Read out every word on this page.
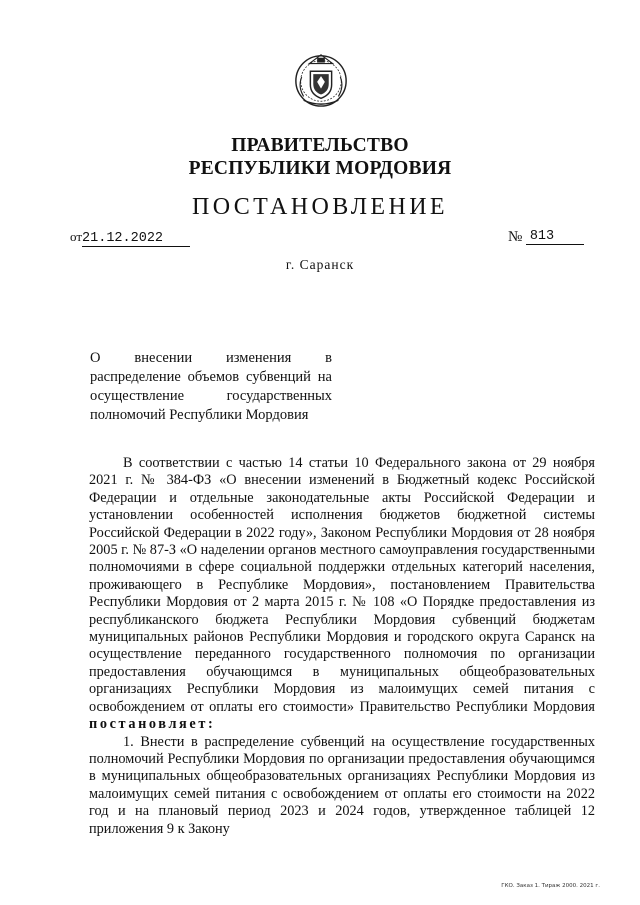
ПРАВИТЕЛЬСТВО
РЕСПУБЛИКИ МОРДОВИЯ
ПОСТАНОВЛЕНИЕ
от21.12.2022	№ 813
г. Саранск
О внесении изменения в распределение объемов субвенций на осуществление государственных полномочий Республики Мордовия

В соответствии с частью 14 статьи 10 Федерального закона от 29 ноября 2021 г. № 384-ФЗ «О внесении изменений в Бюджетный кодекс Российской Федерации и отдельные законодательные акты Российской Федерации и установлении особенностей исполнения бюджетов бюджетной системы Российской Федерации в 2022 году», Законом Республики Мордовия от 28 ноября 2005 г. № 87-З «О наделении органов местного самоуправления государственными полномочиями в сфере социальной поддержки отдельных категорий населения, проживающего в Республике Мордовия», постановлением Правительства Республики Мордовия от 2 марта 2015 г. № 108 «О Порядке предоставления из республиканского бюджета Республики Мордовия субвенций бюджетам муниципальных районов Республики Мордовия и городского округа Саранск на осуществление переданного государственного полномочия по организации предоставления обучающимся в муниципальных общеобразовательных организациях Республики Мордовия из малоимущих семей питания с освобождением от оплаты его стоимости» Правительство Республики Мордовия постановляет:

1. Внести в распределение субвенций на осуществление государственных полномочий Республики Мордовия по организации предоставления обучающимся в муниципальных общеобразовательных организациях Республики Мордовия из малоимущих семей питания с освобождением от оплаты его стоимости на 2022 год и на плановый период 2023 и 2024 годов, утвержденное таблицей 12 приложения 9 к Закону

ГКО. Заказ 1. Тираж 2000. 2021 г.
